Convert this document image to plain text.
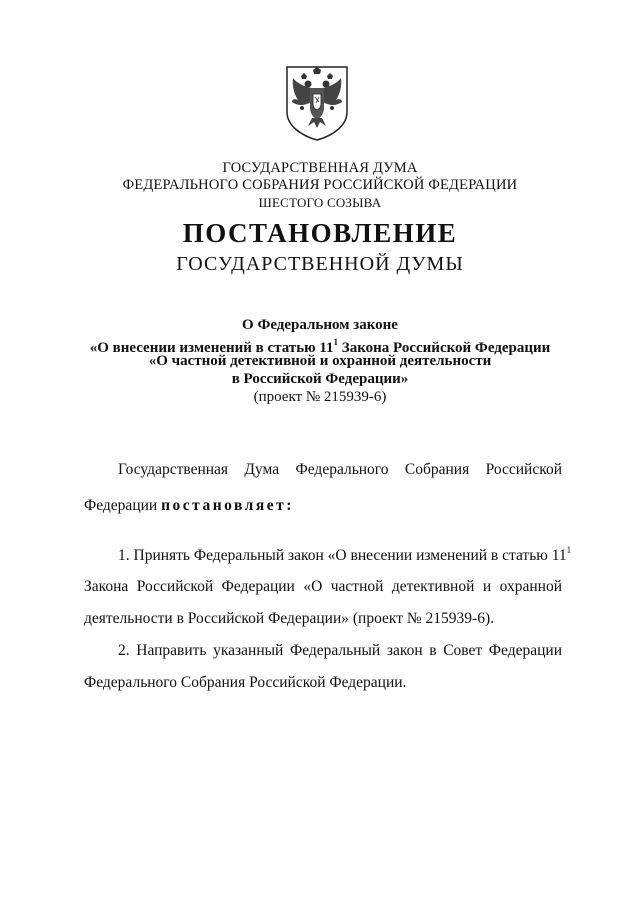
ГОСУДАРСТВЕННАЯ ДУМА
ФЕДЕРАЛЬНОГО СОБРАНИЯ РОССИЙСКОЙ ФЕДЕРАЦИИ
ШЕСТОГО СОЗЫВА
ПОСТАНОВЛЕНИЕ
ГОСУДАРСТВЕННОЙ ДУМЫ
О Федеральном законе
«О внесении изменений в статью $11^1$ Закона Российской Федерации
«О частной детективной и охранной деятельности
в Российской Федерации»
(проект № 215939-6)
Государственная Дума Федерального Собрания Российской
Федерации постановляет:
1. Принять Федеральный закон «О внесении изменений в статью $11^1$
Закона Российской Федерации «О частной детективной и охранной
деятельности в Российской Федерации» (проект № 215939-6).
2. Направить указанный Федеральный закон в Совет Федерации
Федерального Собрания Российской Федерации.
